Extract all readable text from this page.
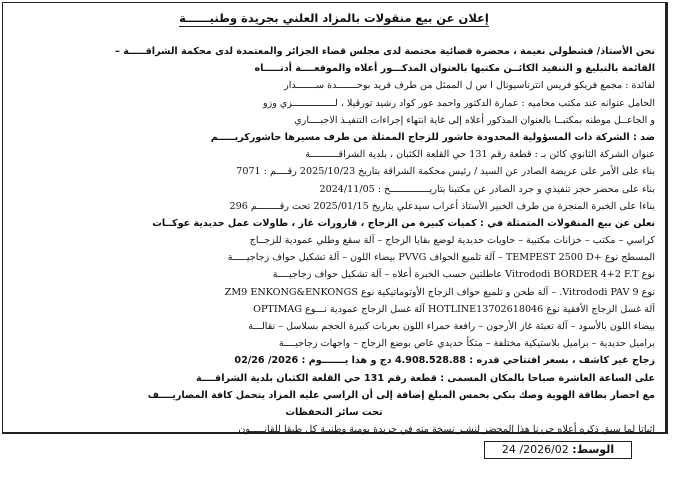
إعلان عن بيع منقولات بالمزاد العلني بجريدة وطنيــــــة
نحن الأستاذ/ قشطولي نعيمة ، محضرة قضائية مختصة لدى مجلس قضاء الجزائر والمعتمدة لدى محكمة الشراقـــــة –
القائمة بالتبليغ و التنفيذ الكائــن مكتبها بالعنوان المذكـــور أعلاه والموقعــــة أدنـــــاه
لفائدة : مجمع فريكو فريس انترناسيونال ا س ل الممثل من طرف فريد بوحـــــــدة ســـــــدار
الحامل عنوانه عند مكتب محاميه : عمارة الدكتور واحمد عور كواد رشيد تورقيلا ، لـــــــــــــــزي وزو
و الجاعــل موطنه بمكتبــا بالعنوان المذكور أعلاه إلى غاية انتهاء إجراءات التنفيـذ الاجبــــاري
ضد : الشركة ذات المسؤولية المحدودة حاشور للزجاج الممثلة من طرف مسيرها حاشوركريـــــم
عنوان الشركة الثانوي كائن بـ : قطعة رقم 131 حي القلعة الكثبان ، بلدية الشراقــــــــــة
بناء على الأمر على عريضة الصادر عن السيد / رئيس محكمة الشراقة بتاريخ 2025/10/23 رقــــم : 7071
بناء على محضر حجز تنفيذي و جرد الصادر عن مكتبنا بتاريــــــــــــــخ : 2024/11/05
بناءا على الخبرة المنجزة من طرف الخبير الأستاذ أعراب سيدعلي بتاريخ 2025/01/15 تحت رقــــــــم 296
نعلن عن بيع المنقولات المتمثلة في : كميات كبيرة من الزجاج ، قارورات غاز ، طاولات عمل حديدية عوكــات
كراسي – مكتب – خزانات مكتبية – حاويات حديدية لوضع بقايا الزجاج – آلة سقع وطلي عمودية للزجــاج
المسطح نوع +TEMPEST 2500 D – آلة تلميع الحواف PVVG بيضاء اللون – آلة تشكيل حواف زجاجيـــــة
نوع Vitrododi BORDER 4+2 F.T عاطلتين حسب الخبرة أعلاه – آلة تشكيل حواف زجاجيــــة
نوع Vitrododi PAV 9. – آلة طحن و تلميع حواف الزجاج الأوتوماتيكية نوع ZM9 ENKONG&ENKONGS
آلة غسل الزجاج الأفقية نوع HOTLINE13702618046 آلة غسل الزجاج عمودية نـــوع OPTIMAG
بيضاء اللون بالأسود – آلة تعبئة غاز الأرجون – رافعة حمراء اللون بعربات كبيرة الحجم بسلاسل – نقالـــة
براميل حديدية – براميل بلاستيكية مختلفة – متكأ حديدي عاص بوضع الزجاج – واجهات زجاجيــــة
زجاج غير كاشف ، بسعر افتتاحي قدره : 4.908.528.88 دج و هذا يـــــــوم : 2026/ 02/26
على الساعة العاشرة صباحا بالمكان المسمى : قطعة رقم 131 حي القلعة الكثبان بلدية الشراقــــة
مع احضار بطاقة الهوية وصك بنكي بخمس المبلغ إضافة إلى أن الراسي عليه المزاد يتحمل كافة المصاريــــف
تحت سائر التحفظات
اثباتا لما سبق ذكره أعلاه حررنا هذا المحضر لنشـر نسخة منه في جريدة يومية وطنيـة كل طبقا للقانـــــون
الوسط: 2026/02/ 24
